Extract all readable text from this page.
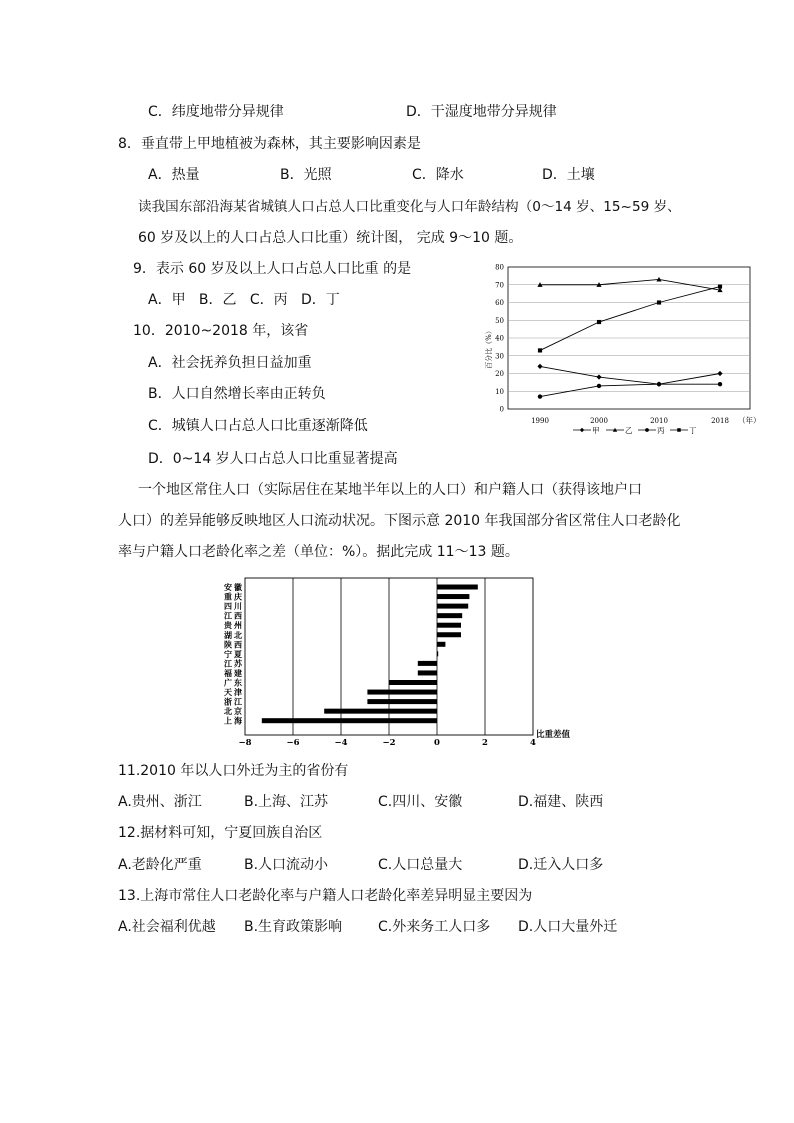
C．纬度地带分异规律	D．干湿度地带分异规律
8．垂直带上甲地植被为森林，其主要影响因素是
A．热量	B．光照	C．降水	D．土壤
读我国东部沿海某省城镇人口占总人口比重变化与人口年龄结构（0～14 岁、15~59 岁、
60 岁及以上的人口占总人口比重）统计图， 完成 9～10 题。
9．表示 60 岁及以上人口占总人口比重 的是
A．甲   B．乙   C．丙   D．丁
10．2010~2018 年，该省
A．社会抚养负担日益加重
B．人口自然增长率由正转负
C．城镇人口占总人口比重逐渐降低
D．0~14 岁人口占总人口比重显著提高
百分比（%）
0
10
20
30
40
50
60
70
80
1990	2000	2010	2018 （年）
甲	乙	丙	丁
一个地区常住人口（实际居住在某地半年以上的人口）和户籍人口（获得该地户口
人口）的差异能够反映地区人口流动状况。下图示意 2010 年我国部分省区常住人口老龄化
率与户籍人口老龄化率之差（单位：%）。据此完成 11～13 题。
安徽
重庆
四川
江西
贵州
湖北
陕西
宁夏
江苏
福建
广东
天津
浙江
北京
上海
−8	−6	−4	−2	0	2	4
比重差值
11.2010 年以人口外迁为主的省份有
A.贵州、浙江	B.上海、江苏	C.四川、安徽	D.福建、陕西
12.据材料可知，宁夏回族自治区
A.老龄化严重	B.人口流动小	C.人口总量大	D.迁入人口多
13.上海市常住人口老龄化率与户籍人口老龄化率差异明显主要因为
A.社会福利优越 B.生育政策影响	C.外来务工人口多 D.人口大量外迁
